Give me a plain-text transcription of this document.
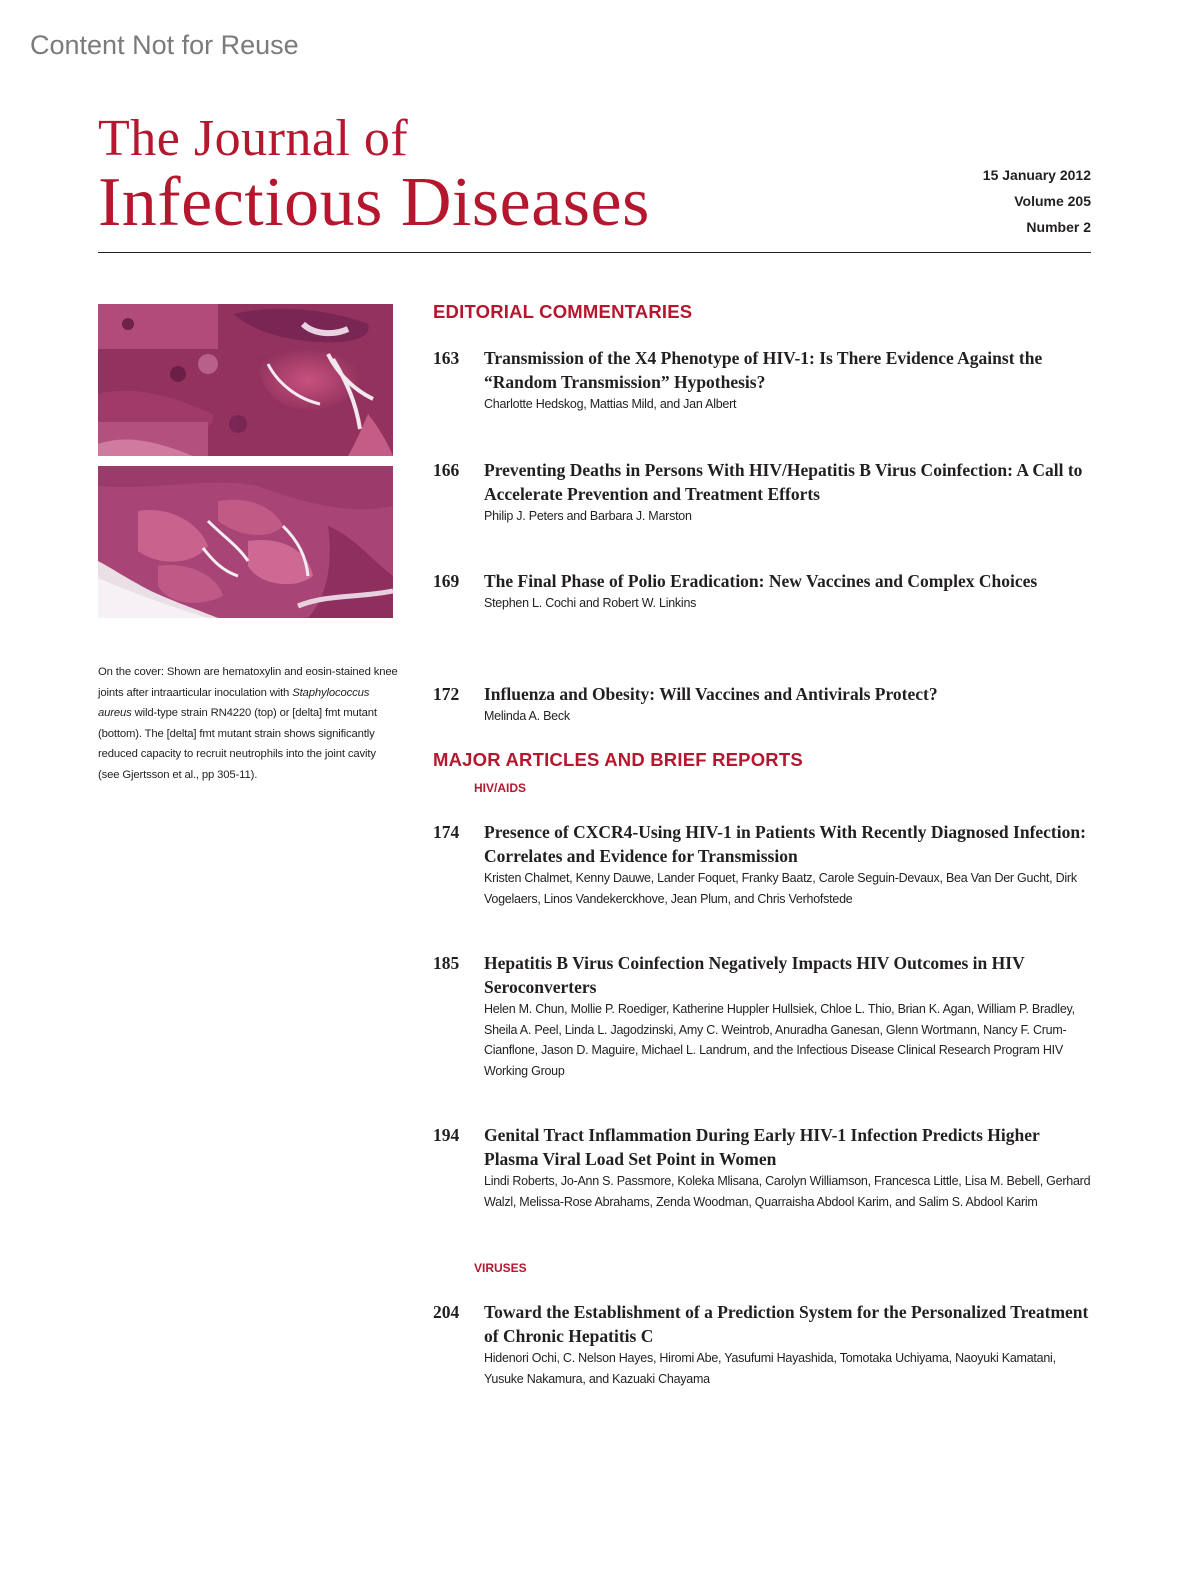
Content Not for Reuse
The Journal of
Infectious Diseases	15 January 2012
Volume 205
Number 2
On the cover: Shown are hematoxylin and eosin-stained knee joints after intraarticular inoculation with Staphylococcus aureus wild-type strain RN4220 (top) or [delta] fmt mutant (bottom). The [delta] fmt mutant strain shows significantly reduced capacity to recruit neutrophils into the joint cavity (see Gjertsson et al., pp 305-11).
EDITORIAL COMMENTARIES
163 Transmission of the X4 Phenotype of HIV-1: Is There Evidence Against the “Random Transmission” Hypothesis?
Charlotte Hedskog, Mattias Mild, and Jan Albert
166 Preventing Deaths in Persons With HIV/Hepatitis B Virus Coinfection: A Call to Accelerate Prevention and Treatment Efforts
Philip J. Peters and Barbara J. Marston
169 The Final Phase of Polio Eradication: New Vaccines and Complex Choices
Stephen L. Cochi and Robert W. Linkins
172 Influenza and Obesity: Will Vaccines and Antivirals Protect?
Melinda A. Beck
MAJOR ARTICLES AND BRIEF REPORTS
HIV/AIDS
174 Presence of CXCR4-Using HIV-1 in Patients With Recently Diagnosed Infection: Correlates and Evidence for Transmission
Kristen Chalmet, Kenny Dauwe, Lander Foquet, Franky Baatz, Carole Seguin-Devaux, Bea Van Der Gucht, Dirk Vogelaers, Linos Vandekerckhove, Jean Plum, and Chris Verhofstede
185 Hepatitis B Virus Coinfection Negatively Impacts HIV Outcomes in HIV Seroconverters
Helen M. Chun, Mollie P. Roediger, Katherine Huppler Hullsiek, Chloe L. Thio, Brian K. Agan, William P. Bradley, Sheila A. Peel, Linda L. Jagodzinski, Amy C. Weintrob, Anuradha Ganesan, Glenn Wortmann, Nancy F. Crum-Cianflone, Jason D. Maguire, Michael L. Landrum, and the Infectious Disease Clinical Research Program HIV Working Group
194 Genital Tract Inflammation During Early HIV-1 Infection Predicts Higher Plasma Viral Load Set Point in Women
Lindi Roberts, Jo-Ann S. Passmore, Koleka Mlisana, Carolyn Williamson, Francesca Little, Lisa M. Bebell, Gerhard Walzl, Melissa-Rose Abrahams, Zenda Woodman, Quarraisha Abdool Karim, and Salim S. Abdool Karim
VIRUSES
204 Toward the Establishment of a Prediction System for the Personalized Treatment of Chronic Hepatitis C
Hidenori Ochi, C. Nelson Hayes, Hiromi Abe, Yasufumi Hayashida, Tomotaka Uchiyama, Naoyuki Kamatani, Yusuke Nakamura, and Kazuaki Chayama
